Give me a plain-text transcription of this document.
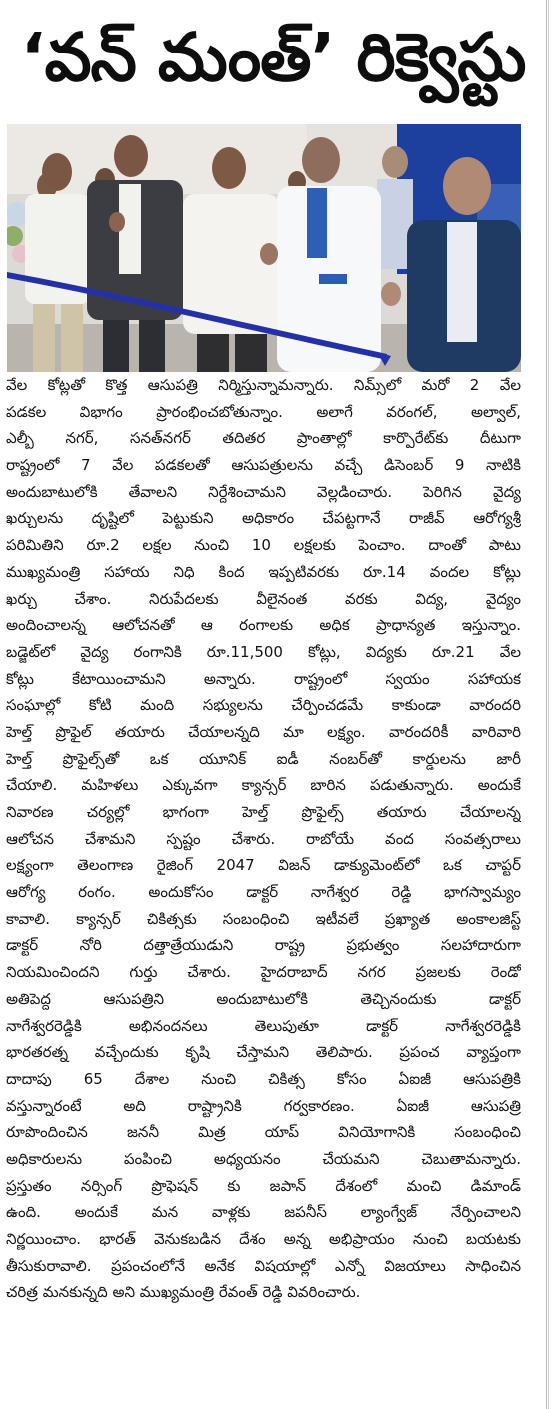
‘వన్ మంత్’ రిక్వెస్టు
వేల కోట్లతో కొత్త ఆసుపత్రి నిర్మిస్తున్నామన్నారు. నిమ్స్‌లో మరో 2 వేల
పడకల విభాగం ప్రారంభించబోతున్నాం. అలాగే వరంగల్, అల్వాల్,
ఎల్బీ నగర్, సనత్‌నగర్ తదితర ప్రాంతాల్లో కార్పొరేట్‌కు దీటుగా
రాష్ట్రంలో 7 వేల పడకలతో ఆసుపత్రులను వచ్చే డిసెంబర్ 9 నాటికి
అందుబాటులోకి తేవాలని నిర్దేశించామని వెల్లడించారు. పెరిగిన వైద్య
ఖర్చులను దృష్టిలో పెట్టుకుని అధికారం చేపట్టగానే రాజీవ్ ఆరోగ్యశ్రీ
పరిమితిని రూ.2 లక్షల నుంచి 10 లక్షలకు పెంచాం. దాంతో పాటు
ముఖ్యమంత్రి సహాయ నిధి కింద ఇప్పటివరకు రూ.14 వందల కోట్లు
ఖర్చు చేశాం. నిరుపేదలకు వీలైనంత వరకు విద్య, వైద్యం
అందించాలన్న ఆలోచనతో ఆ రంగాలకు అధిక ప్రాధాన్యత ఇస్తున్నాం.
బడ్జెట్‌లో వైద్య రంగానికి రూ.11,500 కోట్లు, విద్యకు రూ.21 వేల
కోట్లు కేటాయించామని అన్నారు. రాష్ట్రంలో స్వయం సహాయక
సంఘాల్లో కోటి మంది సభ్యులను చేర్పించడమే కాకుండా వారందరి
హెల్త్ ప్రొఫైల్ తయారు చేయాలన్నది మా లక్ష్యం. వారందరికీ వారివారి
హెల్త్ ప్రొఫైల్స్‌తో ఒక యూనిక్ ఐడీ నంబర్‌తో కార్డులను జారీ
చేయాలి. మహిళలు ఎక్కువగా క్యాన్సర్ బారిన పడుతున్నారు. అందుకే
నివారణ చర్యల్లో భాగంగా హెల్త్ ప్రొఫైల్స్ తయారు చేయాలన్న
ఆలోచన చేశామని స్పష్టం చేశారు. రాబోయే వంద సంవత్సరాలు
లక్ష్యంగా తెలంగాణ రైజింగ్ 2047 విజన్ డాక్యుమెంట్‌లో ఒక చాప్టర్
ఆరోగ్య రంగం. అందుకోసం డాక్టర్ నాగేశ్వర రెడ్డి భాగస్వామ్యం
కావాలి. క్యాన్సర్ చికిత్సకు సంబంధించి ఇటీవలే ప్రఖ్యాత అంకాలజిస్ట్
డాక్టర్ నోరి దత్తాత్రేయుడుని రాష్ట్ర ప్రభుత్వం సలహాదారుగా
నియమించిందని గుర్తు చేశారు. హైదరాబాద్ నగర ప్రజలకు రెండో
అతిపెద్ద ఆసుపత్రిని అందుబాటులోకి తెచ్చినందుకు డాక్టర్
నాగేశ్వరరెడ్డికి అభినందనలు తెలుపుతూ డాక్టర్ నాగేశ్వరరెడ్డికి
భారతరత్న వచ్చేందుకు కృషి చేస్తామని తెలిపారు. ప్రపంచ వ్యాప్తంగా
దాదాపు 65 దేశాల నుంచి చికిత్స కోసం ఏఐజీ ఆసుపత్రికి
వస్తున్నారంటే అది రాష్ట్రానికి గర్వకారణం. ఏఐజీ ఆసుపత్రి
రూపొందించిన జననీ మిత్ర యాప్ వినియోగానికి సంబంధించి
అధికారులను పంపించి అధ్యయనం చేయమని చెబుతామన్నారు.
ప్రస్తుతం నర్సింగ్ ప్రొఫెషన్ కు జపాన్ దేశంలో మంచి డిమాండ్
ఉంది. అందుకే మన వాళ్లకు జపనీస్ ల్యాంగ్వేజ్ నేర్పించాలని
నిర్ణయించాం. భారత్ వెనుకబడిన దేశం అన్న అభిప్రాయం నుంచి బయటకు
తీసుకురావాలి. ప్రపంచంలోనే అనేక విషయాల్లో ఎన్నో విజయాలు సాధించిన
చరిత్ర మనకున్నది అని ముఖ్యమంత్రి రేవంత్ రెడ్డి వివరించారు.
